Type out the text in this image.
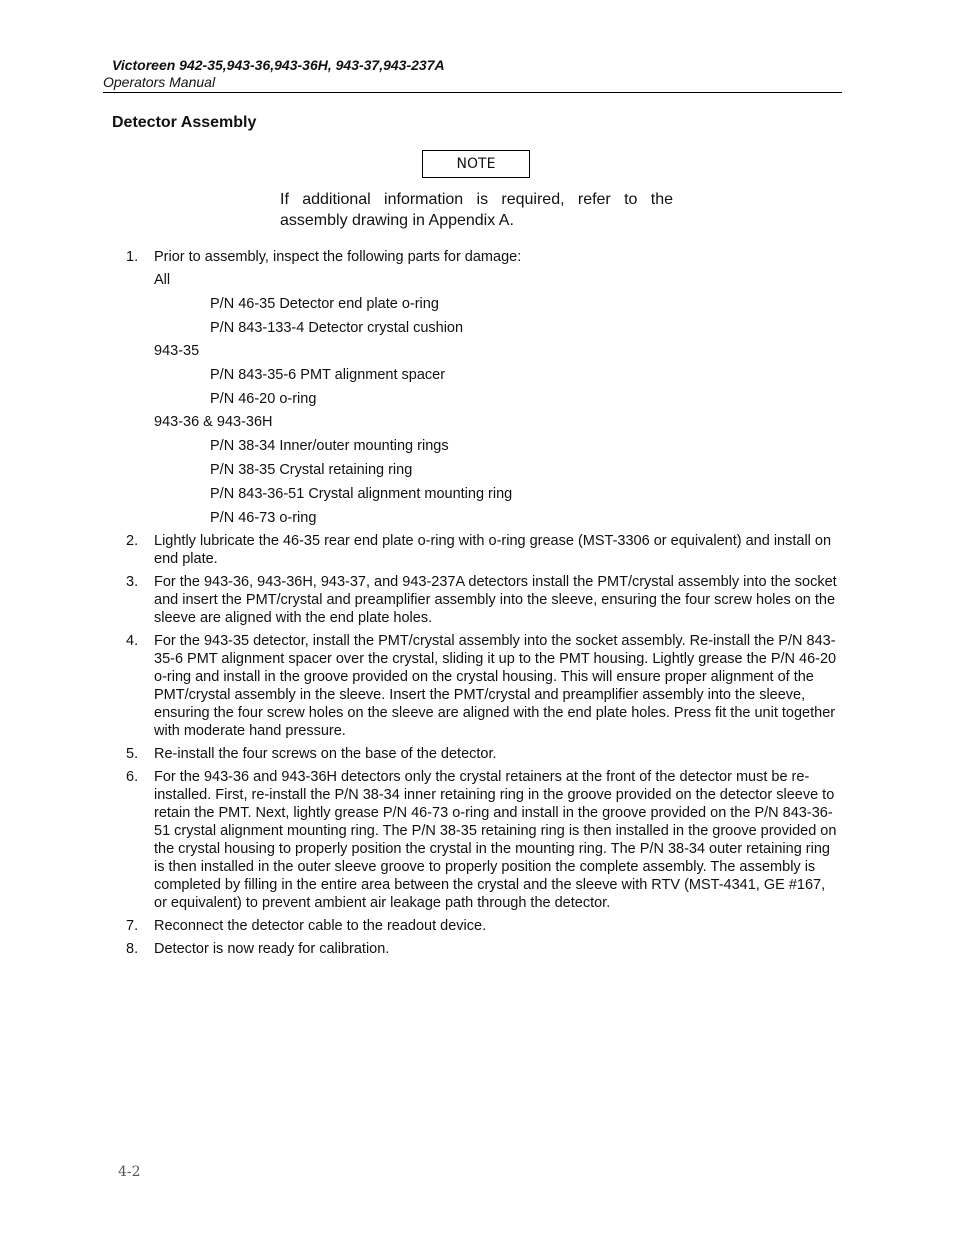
Victoreen 942-35,943-36,943-36H, 943-37,943-237A
Operators Manual
Detector Assembly
NOTE
If additional information is required, refer to the assembly drawing in Appendix A.
1. Prior to assembly, inspect the following parts for damage:
All
P/N 46-35 Detector end plate o-ring
P/N 843-133-4 Detector crystal cushion
943-35
P/N 843-35-6 PMT alignment spacer
P/N 46-20 o-ring
943-36 & 943-36H
P/N 38-34 Inner/outer mounting rings
P/N 38-35 Crystal retaining ring
P/N 843-36-51 Crystal alignment mounting ring
P/N 46-73 o-ring
2. Lightly lubricate the 46-35 rear end plate o-ring with o-ring grease (MST-3306 or equivalent) and install on end plate.
3. For the 943-36, 943-36H, 943-37, and 943-237A detectors install the PMT/crystal assembly into the socket and insert the PMT/crystal and preamplifier assembly into the sleeve, ensuring the four screw holes on the sleeve are aligned with the end plate holes.
4. For the 943-35 detector, install the PMT/crystal assembly into the socket assembly. Re-install the P/N 843-35-6 PMT alignment spacer over the crystal, sliding it up to the PMT housing. Lightly grease the P/N 46-20 o-ring and install in the groove provided on the crystal housing. This will ensure proper alignment of the PMT/crystal assembly in the sleeve. Insert the PMT/crystal and preamplifier assembly into the sleeve, ensuring the four screw holes on the sleeve are aligned with the end plate holes. Press fit the unit together with moderate hand pressure.
5. Re-install the four screws on the base of the detector.
6. For the 943-36 and 943-36H detectors only the crystal retainers at the front of the detector must be re-installed. First, re-install the P/N 38-34 inner retaining ring in the groove provided on the detector sleeve to retain the PMT. Next, lightly grease P/N 46-73 o-ring and install in the groove provided on the P/N 843-36-51 crystal alignment mounting ring. The P/N 38-35 retaining ring is then installed in the groove provided on the crystal housing to properly position the crystal in the mounting ring. The P/N 38-34 outer retaining ring is then installed in the outer sleeve groove to properly position the complete assembly. The assembly is completed by filling in the entire area between the crystal and the sleeve with RTV (MST-4341, GE #167, or equivalent) to prevent ambient air leakage path through the detector.
7. Reconnect the detector cable to the readout device.
8. Detector is now ready for calibration.
4-2
